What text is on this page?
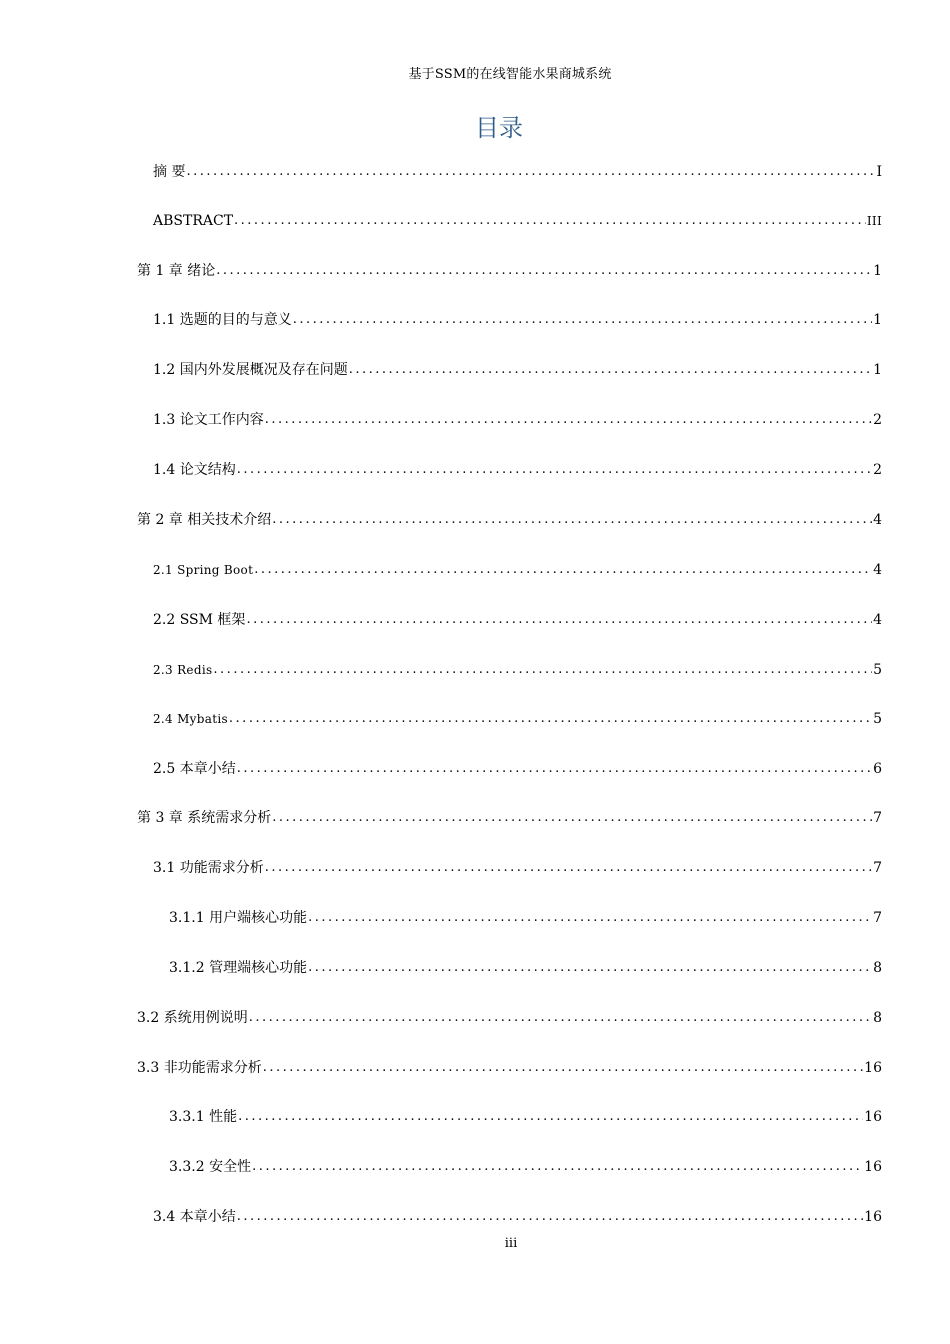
基于SSM的在线智能水果商城系统
目录
摘 要 .....	I
ABSTRACT .....	III
第 1 章 绪论 .....	1
1.1 选题的目的与意义 .....	1
1.2 国内外发展概况及存在问题 .....	1
1.3 论文工作内容 .....	2
1.4 论文结构 .....	2
第 2 章 相关技术介绍 .....	4
2.1 Spring Boot .....	4
2.2 SSM 框架 .....	4
2.3 Redis .....	5
2.4 Mybatis .....	5
2.5 本章小结 .....	6
第 3 章 系统需求分析 .....	7
3.1 功能需求分析 .....	7
3.1.1 用户端核心功能 .....	7
3.1.2 管理端核心功能 .....	8
3.2 系统用例说明 .....	8
3.3 非功能需求分析 .....	16
3.3.1 性能 .....	16
3.3.2 安全性 .....	16
3.4 本章小结 .....	16
iii
